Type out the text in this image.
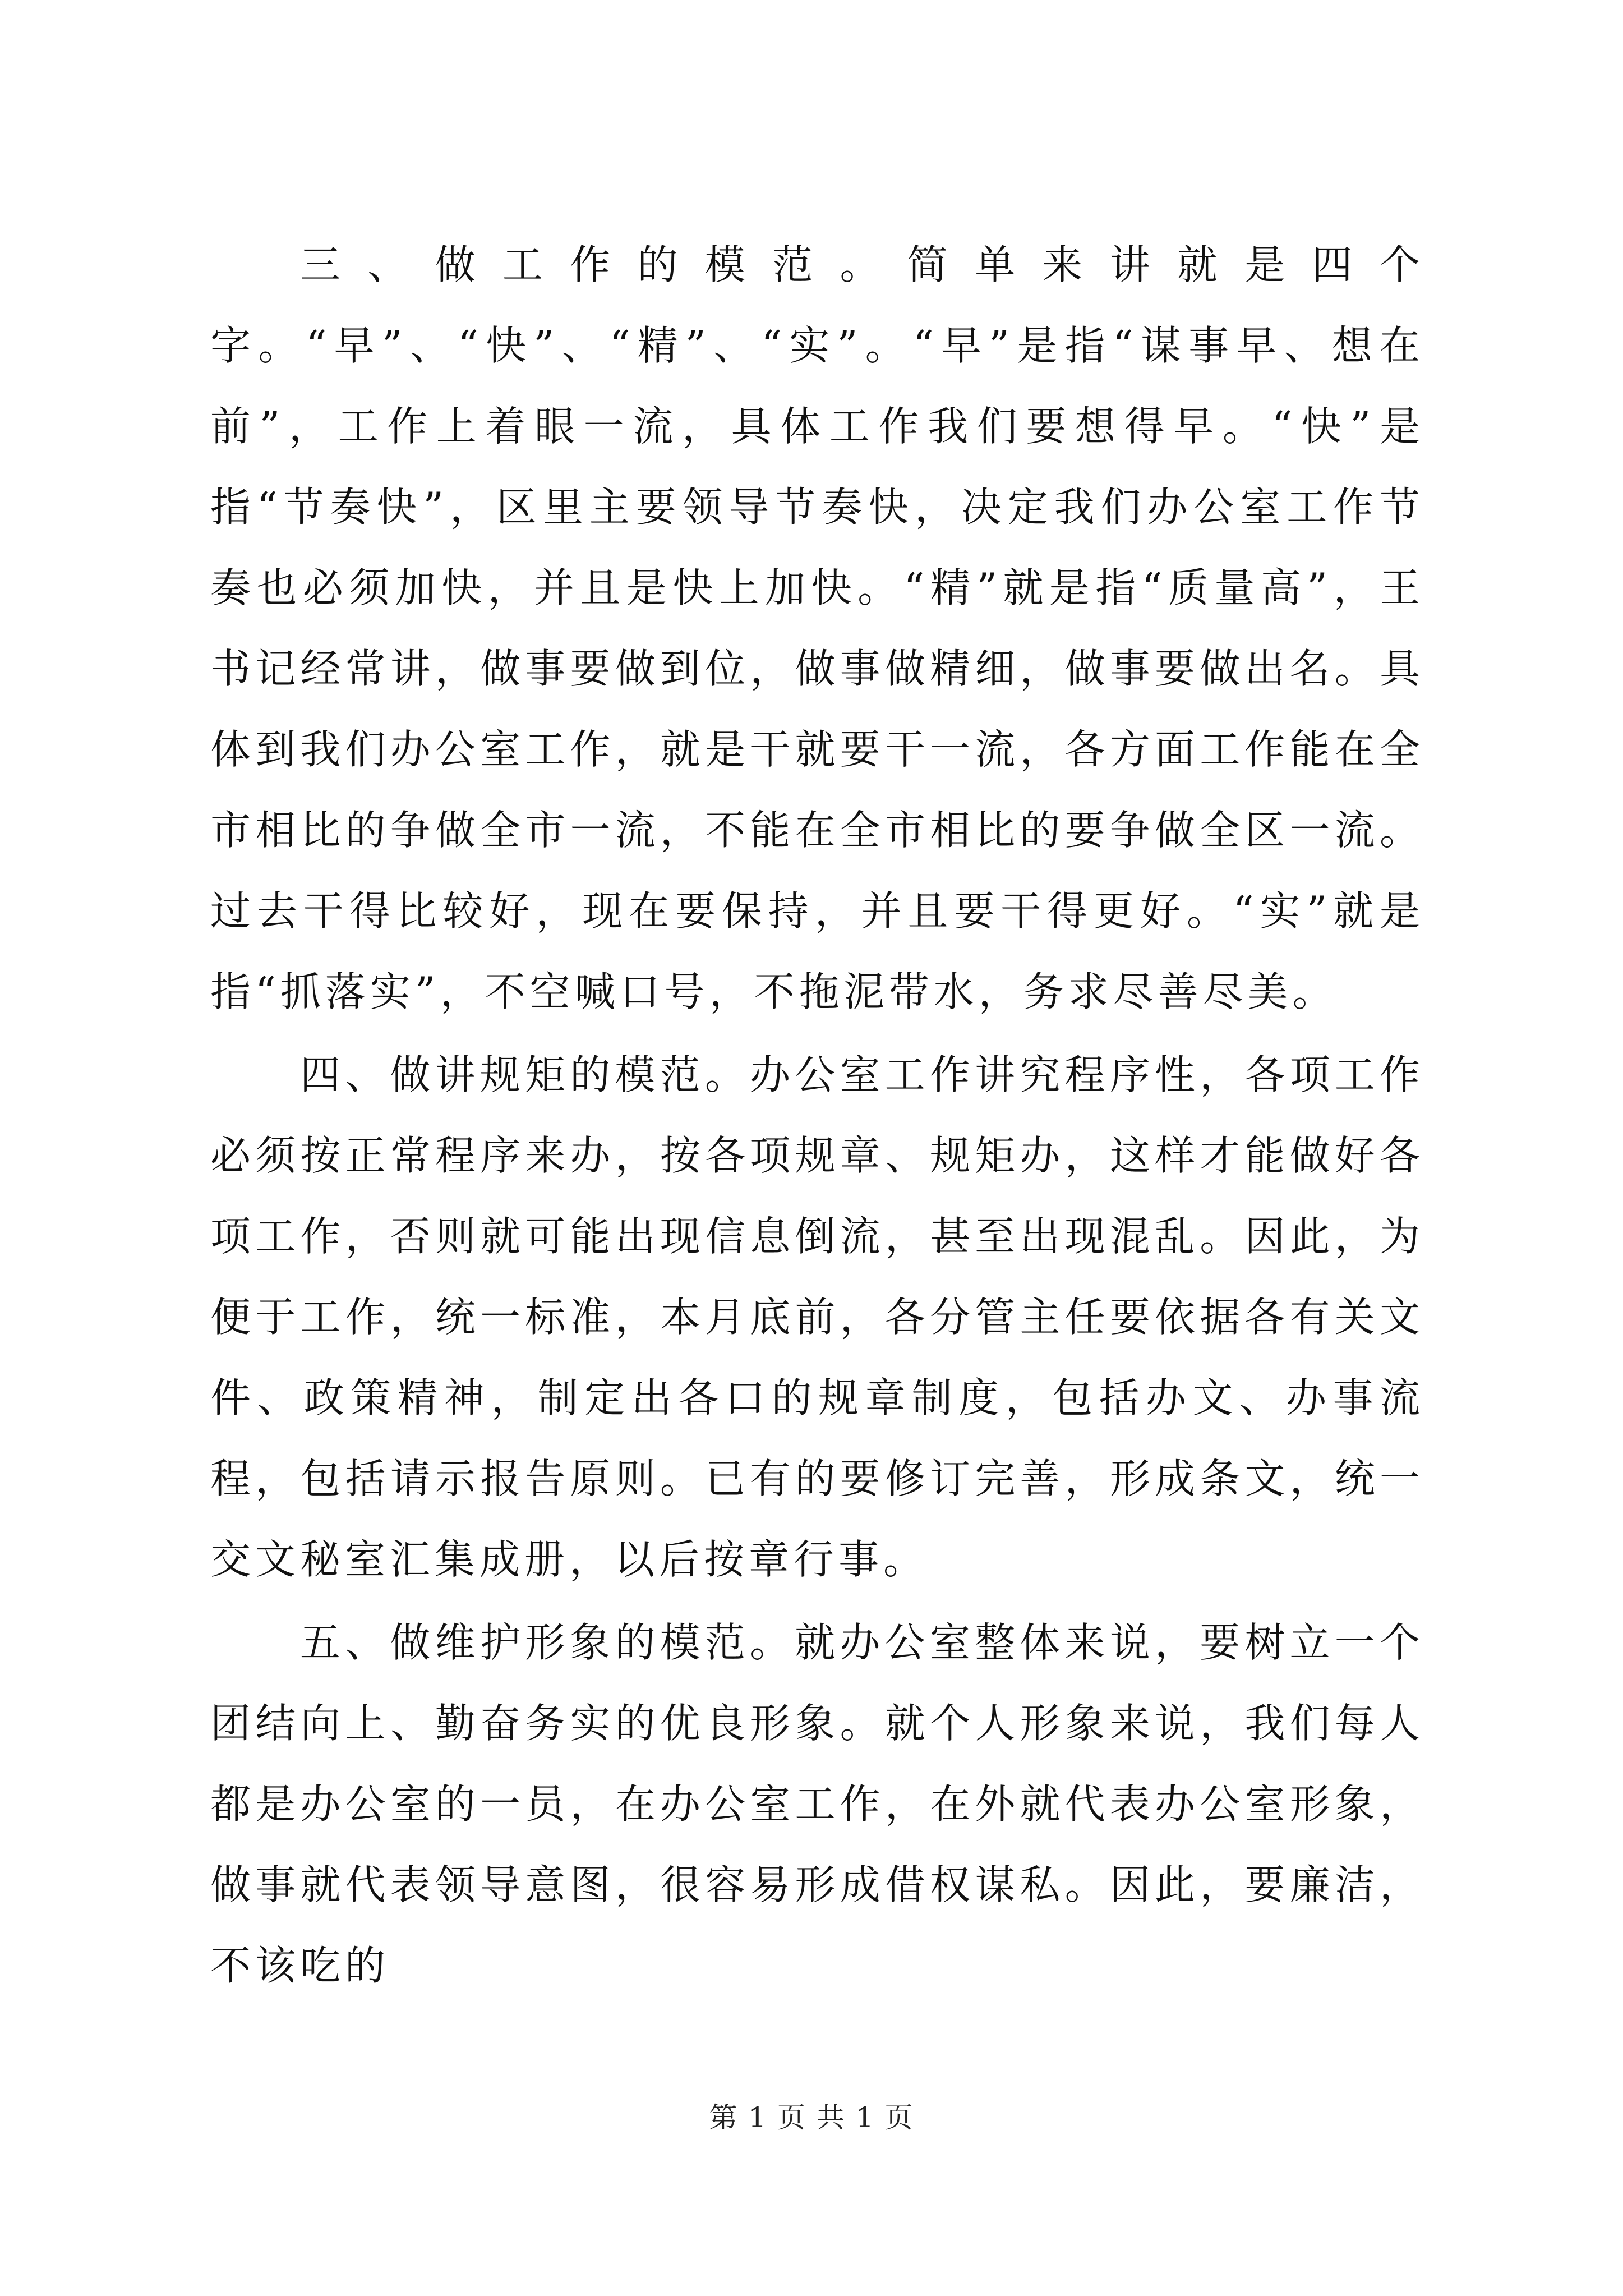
三、做工作的模范。简单来讲就是四个字。“早”、“快”、“精”、“实”。“早”是指“谋事早、想在前”，工作上着眼一流，具体工作我们要想得早。“快”是指“节奏快”，区里主要领导节奏快，决定我们办公室工作节奏也必须加快，并且是快上加快。“精”就是指“质量高”，王书记经常讲，做事要做到位，做事做精细，做事要做出名。具体到我们办公室工作，就是干就要干一流，各方面工作能在全市相比的争做全市一流，不能在全市相比的要争做全区一流。过去干得比较好，现在要保持，并且要干得更好。“实”就是指“抓落实”，不空喊口号，不拖泥带水，务求尽善尽美。

四、做讲规矩的模范。办公室工作讲究程序性，各项工作必须按正常程序来办，按各项规章、规矩办，这样才能做好各项工作，否则就可能出现信息倒流，甚至出现混乱。因此，为便于工作，统一标准，本月底前，各分管主任要依据各有关文件、政策精神，制定出各口的规章制度，包括办文、办事流程，包括请示报告原则。已有的要修订完善，形成条文，统一交文秘室汇集成册，以后按章行事。

五、做维护形象的模范。就办公室整体来说，要树立一个团结向上、勤奋务实的优良形象。就个人形象来说，我们每人都是办公室的一员，在办公室工作，在外就代表办公室形象，做事就代表领导意图，很容易形成借权谋私。因此，要廉洁，不该吃的

第 1 页 共 1 页
